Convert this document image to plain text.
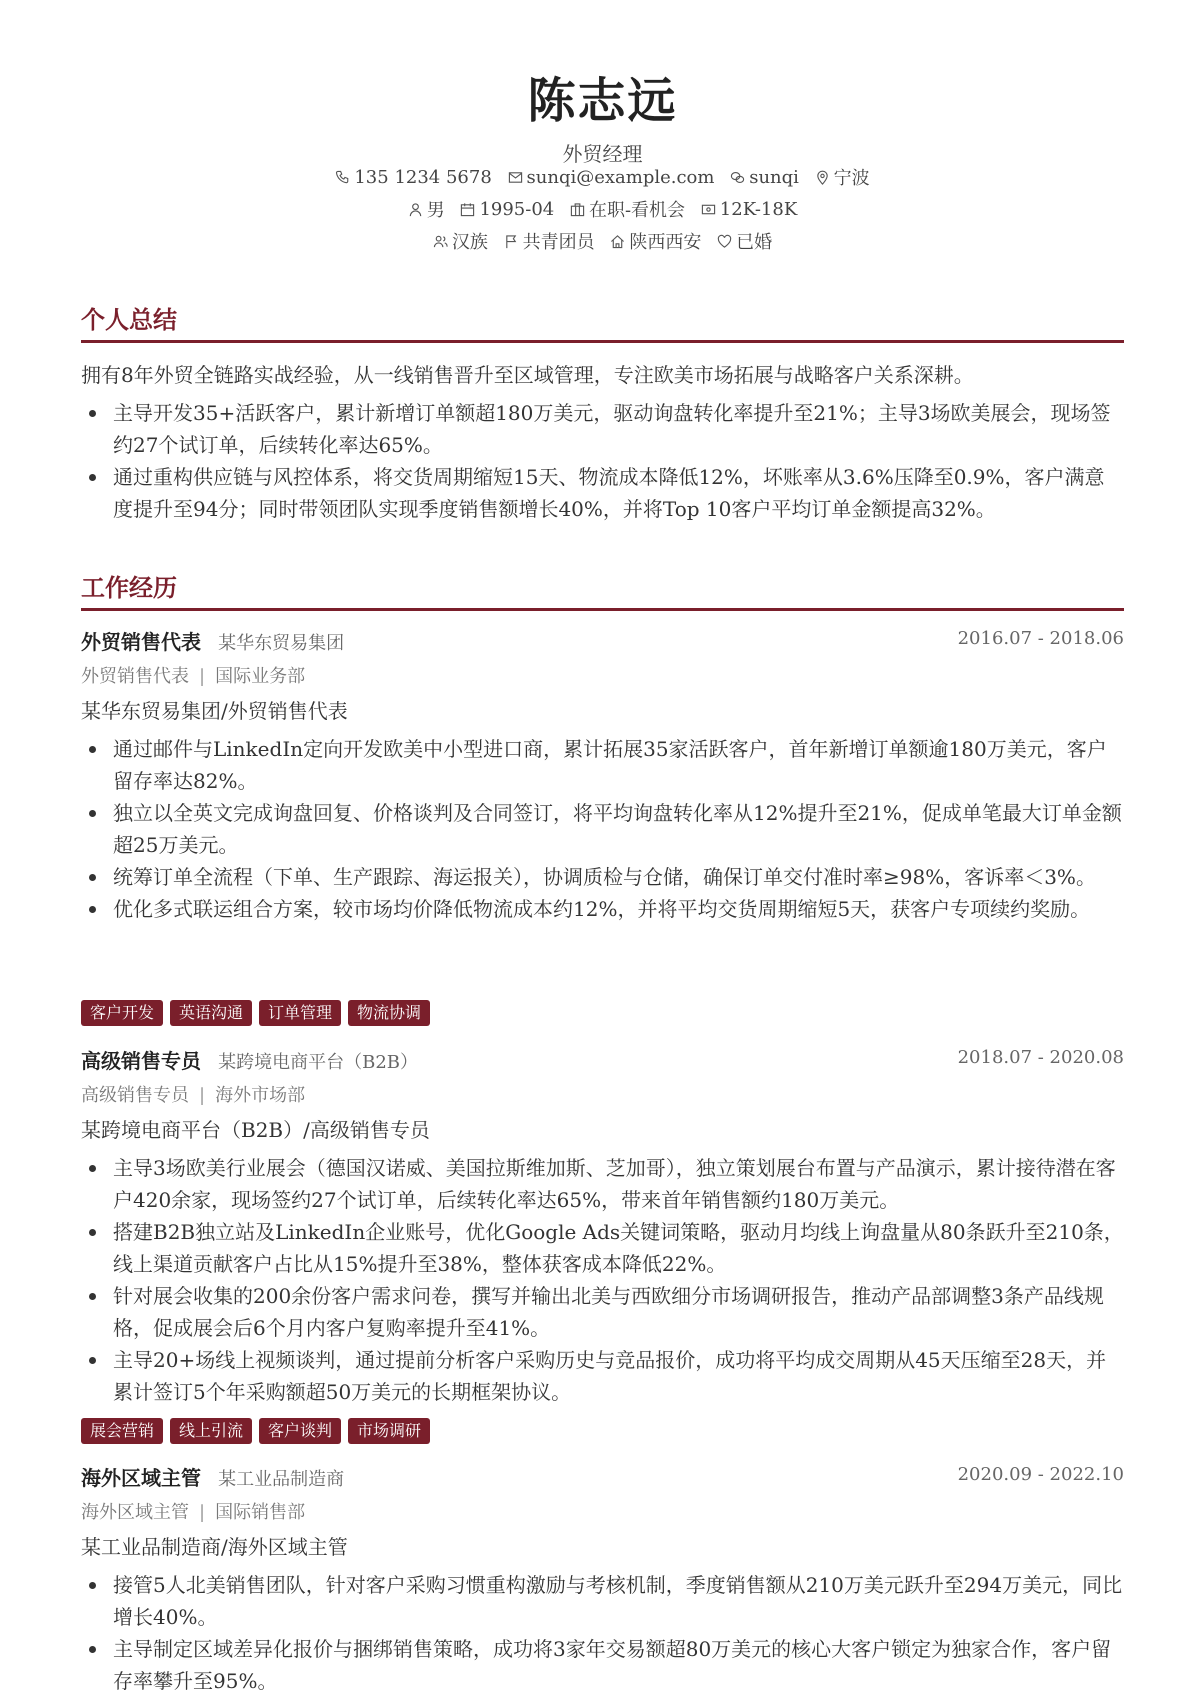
陈志远
外贸经理
135 1234 5678
sunqi@example.com
sunqi
宁波
男
1995-04
在职-看机会
12K-18K
汉族
共青团员
陕西西安
已婚
个人总结
拥有8年外贸全链路实战经验，从一线销售晋升至区域管理，专注欧美市场拓展与战略客户关系深耕。
主导开发35+活跃客户，累计新增订单额超180万美元，驱动询盘转化率提升至21%；主导3场欧美展会，现场签约27个试订单，后续转化率达65%。
通过重构供应链与风控体系，将交货周期缩短15天、物流成本降低12%，坏账率从3.6%压降至0.9%，客户满意度提升至94分；同时带领团队实现季度销售额增长40%，并将Top 10客户平均订单金额提高32%。
工作经历
外贸销售代表 某华东贸易集团	2016.07 - 2018.06
外贸销售代表 | 国际业务部
某华东贸易集团/外贸销售代表
通过邮件与LinkedIn定向开发欧美中小型进口商，累计拓展35家活跃客户，首年新增订单额逾180万美元，客户留存率达82%。
独立以全英文完成询盘回复、价格谈判及合同签订，将平均询盘转化率从12%提升至21%，促成单笔最大订单金额超25万美元。
统筹订单全流程（下单、生产跟踪、海运报关），协调质检与仓储，确保订单交付准时率≥98%，客诉率＜3%。
优化多式联运组合方案，较市场均价降低物流成本约12%，并将平均交货周期缩短5天，获客户专项续约奖励。
客户开发	英语沟通	订单管理	物流协调
高级销售专员 某跨境电商平台（B2B）	2018.07 - 2020.08
高级销售专员 | 海外市场部
某跨境电商平台（B2B）/高级销售专员
主导3场欧美行业展会（德国汉诺威、美国拉斯维加斯、芝加哥），独立策划展台布置与产品演示，累计接待潜在客户420余家，现场签约27个试订单，后续转化率达65%，带来首年销售额约180万美元。
搭建B2B独立站及LinkedIn企业账号，优化Google Ads关键词策略，驱动月均线上询盘量从80条跃升至210条，线上渠道贡献客户占比从15%提升至38%，整体获客成本降低22%。
针对展会收集的200余份客户需求问卷，撰写并输出北美与西欧细分市场调研报告，推动产品部调整3条产品线规格，促成展会后6个月内客户复购率提升至41%。
主导20+场线上视频谈判，通过提前分析客户采购历史与竞品报价，成功将平均成交周期从45天压缩至28天，并累计签订5个年采购额超50万美元的长期框架协议。
展会营销	线上引流	客户谈判	市场调研
海外区域主管 某工业品制造商	2020.09 - 2022.10
海外区域主管 | 国际销售部
某工业品制造商/海外区域主管
接管5人北美销售团队，针对客户采购习惯重构激励与考核机制，季度销售额从210万美元跃升至294万美元，同比增长40%。
主导制定区域差异化报价与捆绑销售策略，成功将3家年交易额超80万美元的核心大客户锁定为独家合作，客户留存率攀升至95%。
